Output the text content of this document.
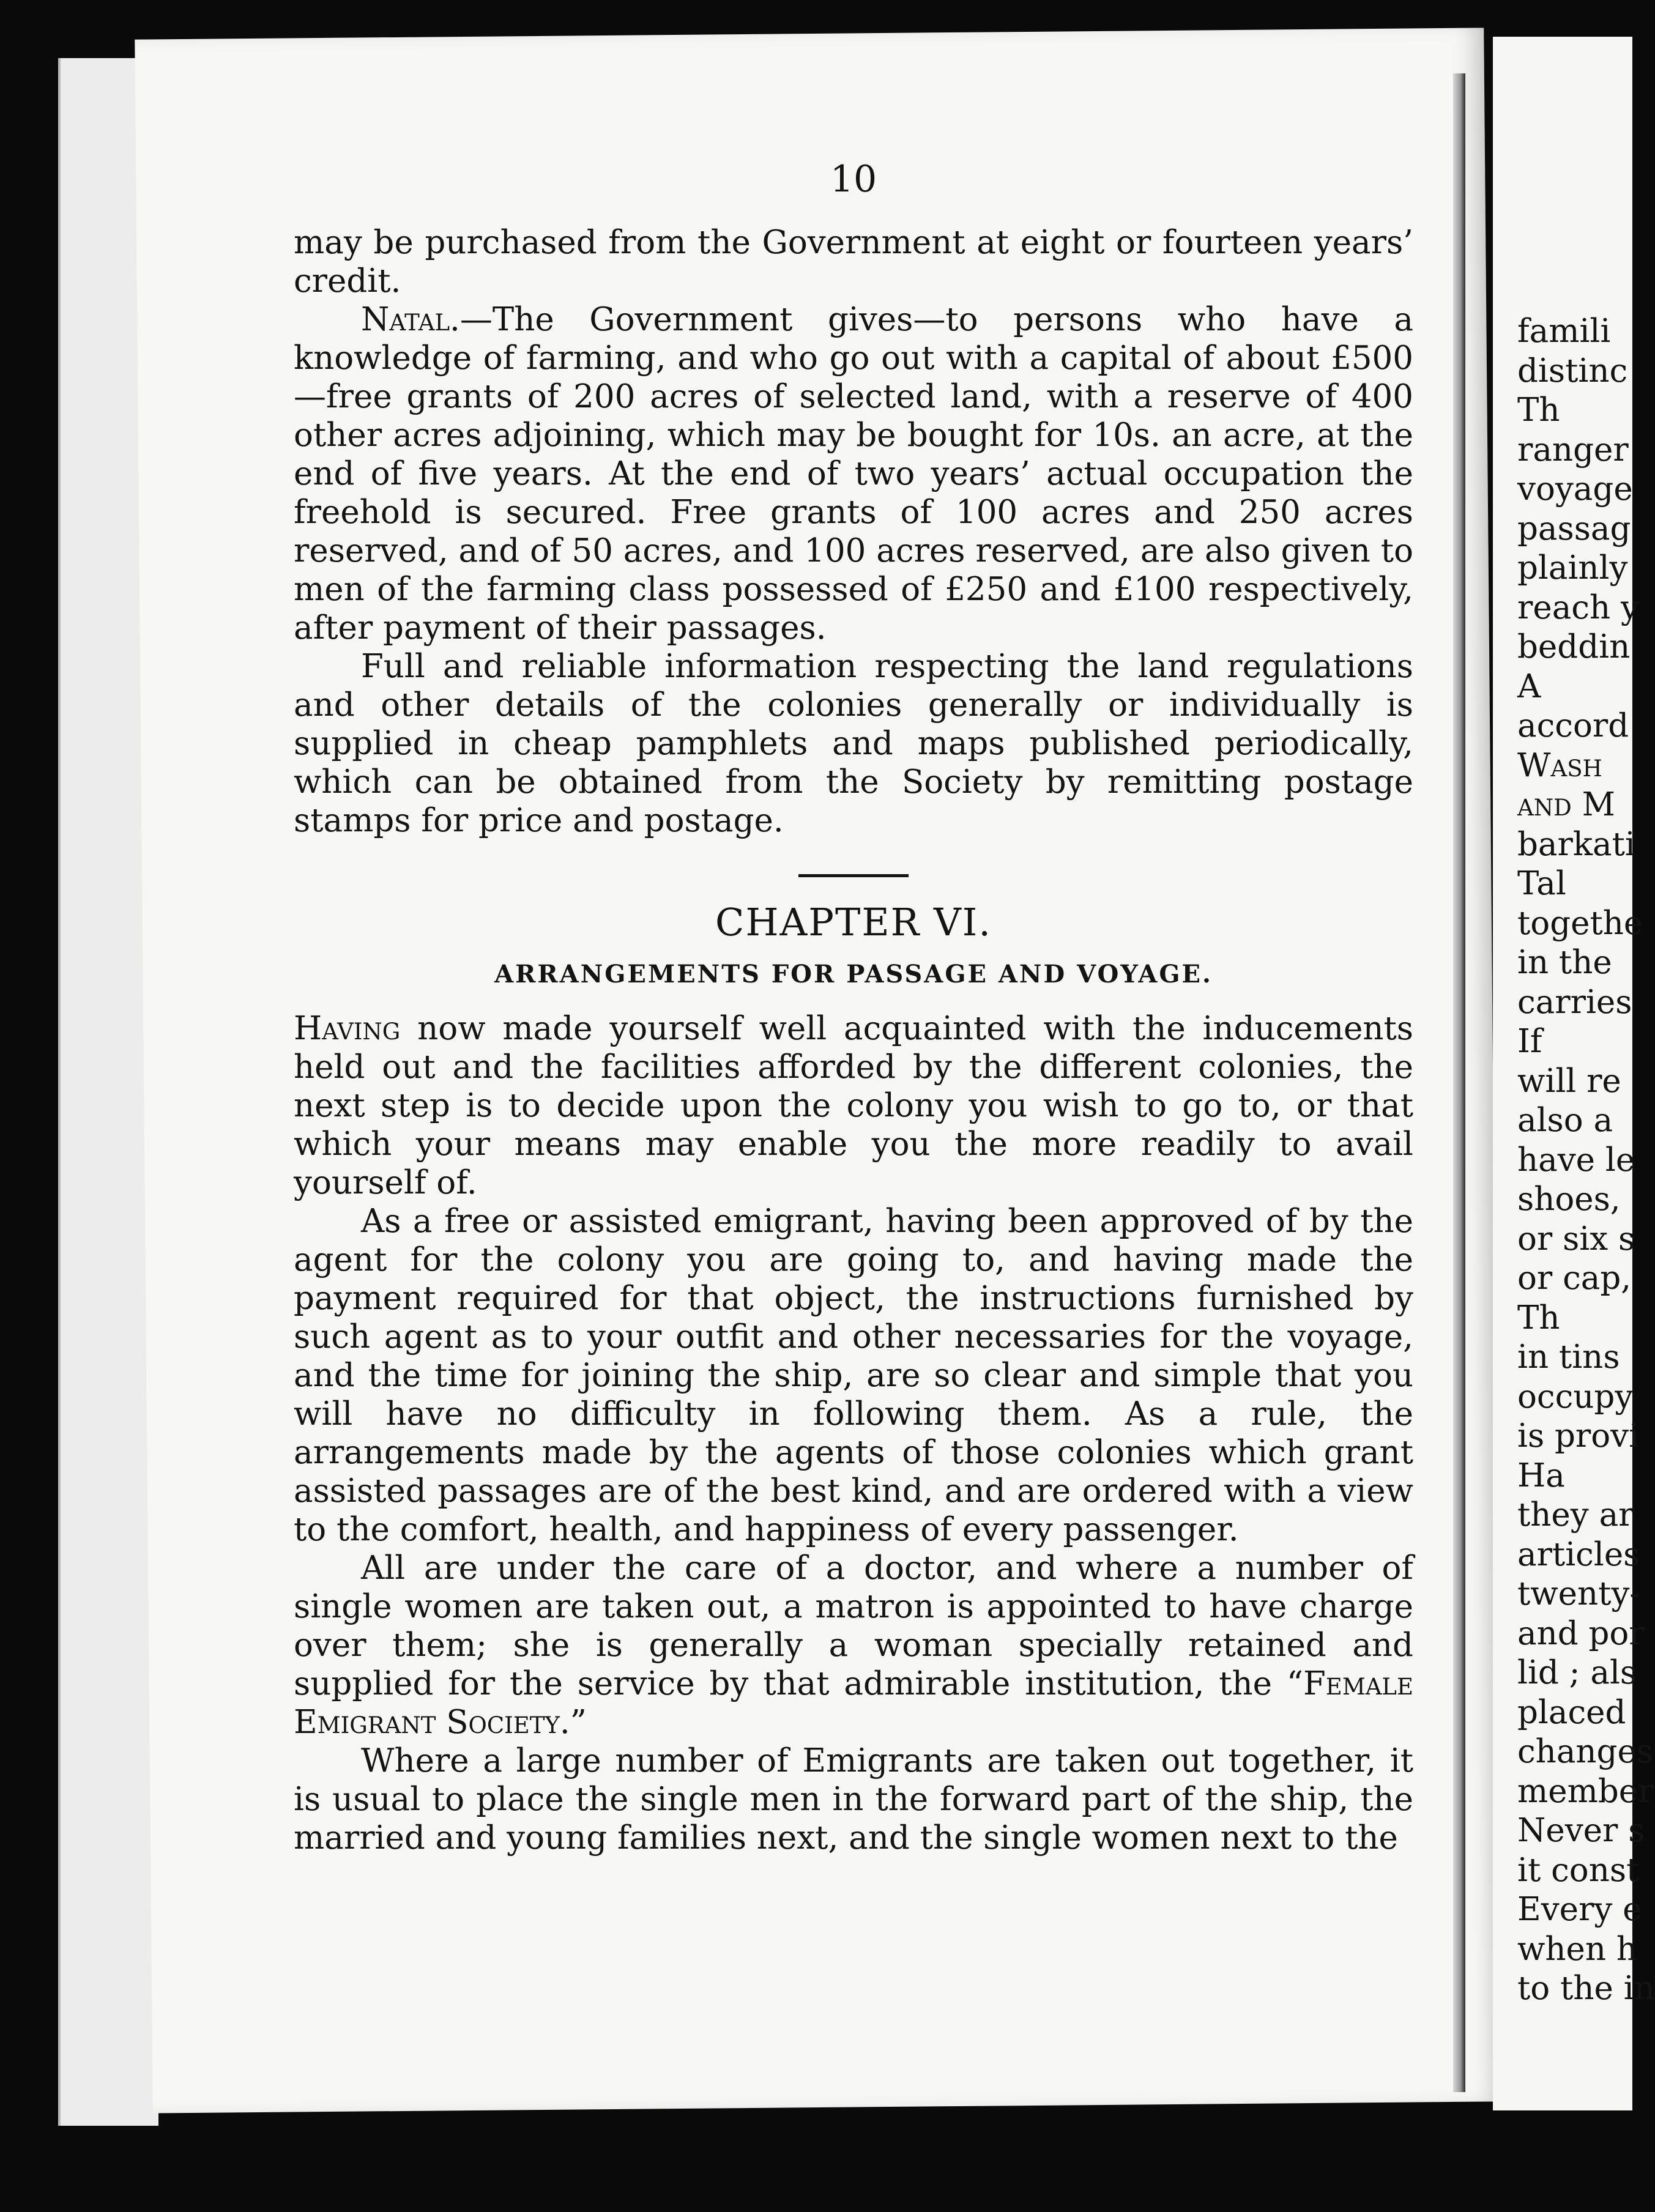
10

may be purchased from the Government at eight or fourteen years’ credit.

Natal.—The Government gives—to persons who have a knowledge of farming, and who go out with a capital of about £500—free grants of 200 acres of selected land, with a reserve of 400 other acres adjoining, which may be bought for 10s. an acre, at the end of five years. At the end of two years’ actual occupation the freehold is secured. Free grants of 100 acres and 250 acres reserved, and of 50 acres, and 100 acres reserved, are also given to men of the farming class possessed of £250 and £100 respectively, after payment of their passages.

Full and reliable information respecting the land regulations and other details of the colonies generally or individually is supplied in cheap pamphlets and maps published periodically, which can be obtained from the Society by remitting postage stamps for price and postage.

CHAPTER VI.
ARRANGEMENTS FOR PASSAGE AND VOYAGE.

Having now made yourself well acquainted with the inducements held out and the facilities afforded by the different colonies, the next step is to decide upon the colony you wish to go to, or that which your means may enable you the more readily to avail yourself of.

As a free or assisted emigrant, having been approved of by the agent for the colony you are going to, and having made the payment required for that object, the instructions furnished by such agent as to your outfit and other necessaries for the voyage, and the time for joining the ship, are so clear and simple that you will have no difficulty in following them. As a rule, the arrangements made by the agents of those colonies which grant assisted passages are of the best kind, and are ordered with a view to the comfort, health, and happiness of every passenger.

All are under the care of a doctor, and where a number of single women are taken out, a matron is appointed to have charge over them; she is generally a woman specially retained and supplied for the service by that admirable institution, the “Female Emigrant Society.”

Where a large number of Emigrants are taken out together, it is usual to place the single men in the forward part of the ship, the married and young families next, and the single women next to the

famili
distinc
Th
ranger
voyage
passag
plainly
reach y
beddin
A
accord
Wash
and M
barkati
Tal
togethe
in the
carries
If
will re
also a
have le
shoes,
or six s
or cap,
Th
in tins
occupy
is provi
Ha
they ar
articles
twenty-
and por
lid ; als
placed
changes
member
Never s
it const
Every e
when h
to the in
